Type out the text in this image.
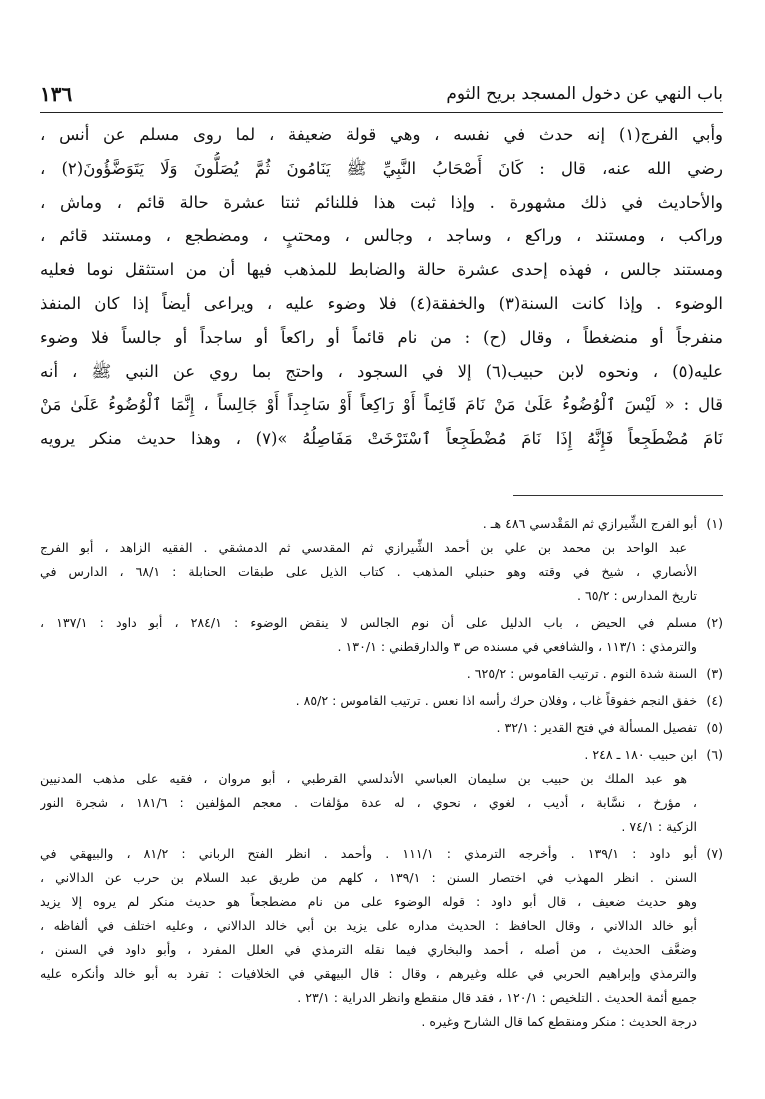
باب النهي عن دخول المسجد بريح الثوم
١٣٦
وأبي الفرج(١) إنه حدث في نفسه ، وهي قولة ضعيفة ، لما روى مسلم عن أنس ،
رضي الله عنه، قال : كَانَ أَصْحَابُ النَّبِيِّ ﷺ يَنَامُونَ ثُمَّ يُصَلُّونَ وَلَا يَتَوَضَّؤُونَ(٢) ،
والأحاديث في ذلك مشهورة . وإذا ثبت هذا فللنائم ثنتا عشرة حالة قائم ، وماش ،
وراكب ، ومستند ، وراكع ، وساجد ، وجالس ، ومحتبٍ ، ومضطجع ، ومستند قائم ،
ومستند جالس ، فهذه إحدى عشرة حالة والضابط للمذهب فيها أن من استثقل نوما فعليه
الوضوء . وإذا كانت السنة(٣) والخفقة(٤) فلا وضوء عليه ، ويراعى أيضاً إذا كان المنفذ
منفرجاً أو منضغطاً ، وقال (ح) : من نام قائماً أو راكعاً أو ساجداً أو جالساً فلا وضوء
عليه(٥) ، ونحوه لابن حبيب(٦) إلا في السجود ، واحتج بما روي عن النبي ﷺ ، أنه
قال : « لَيْسَ ٱلْوُضُوءُ عَلَىٰ مَنْ نَامَ قَائِماً أَوْ رَاكِعاً أَوْ سَاجِداً أَوْ جَالِساً ، إِنَّمَا ٱلْوُضُوءُ عَلَىٰ مَنْ
نَامَ مُضْطَجِعاً فَإِنَّهُ إِذَا نَامَ مُضْطَجِعاً ٱسْتَرْخَتْ مَفَاصِلُهُ »(٧) ، وهذا حديث منكر يرويه
(١)
أبو الفرج الشِّيرازي ثم المَقْدسي ٤٨٦ هـ .
عبد الواحد بن محمد بن علي بن أحمد الشِّيرازي ثم المقدسي ثم الدمشقي . الفقيه الزاهد ، أبو الفرج
الأنصاري ، شيخ في وقته وهو حنبلي المذهب . كتاب الذيل على طبقات الحنابلة : ٦٨/١ ، الدارس في
تاريخ المدارس : ٦٥/٢ .
(٢)
مسلم في الحيض ، باب الدليل على أن نوم الجالس لا ينقض الوضوء : ٢٨٤/١ ، أبو داود : ١٣٧/١ ،
والترمذي : ١١٣/١ ، والشافعي في مسنده ص ٣ والدارقطني : ١٣٠/١ .
(٣)
السنة شدة النوم . ترتيب القاموس : ٦٢٥/٢ .
(٤)
خفق النجم خفوقاً غاب ، وفلان حرك رأسه اذا نعس . ترتيب القاموس : ٨٥/٢ .
(٥)
تفصيل المسألة في فتح القدير : ٣٢/١ .
(٦)
ابن حبيب ١٨٠ ـ ٢٤٨ .
هو عبد الملك بن حبيب بن سليمان العباسي الأندلسي القرطبي ، أبو مروان ، فقيه على مذهب المدنيين
، مؤرخ ، نسَّابة ، أديب ، لغوي ، نحوي ، له عدة مؤلفات . معجم المؤلفين : ١٨١/٦ ، شجرة النور
الزكية : ٧٤/١ .
(٧)
أبو داود : ١٣٩/١ . وأخرجه الترمذي : ١١١/١ . وأحمد . انظر الفتح الرباني : ٨١/٢ ، والبيهقي في
السنن . انظر المهذب في اختصار السنن : ١٣٩/١ ، كلهم من طريق عبد السلام بن حرب عن الدالاني ،
وهو حديث ضعيف ، قال أبو داود : قوله الوضوء على من نام مضطجعاً هو حديث منكر لم يروه إلا يزيد
أبو خالد الدالاني ، وقال الحافظ : الحديث مداره على يزيد بن أبي خالد الدالاني ، وعليه اختلف في ألفاظه ،
وضعَّف الحديث ، من أصله ، أحمد والبخاري فيما نقله الترمذي في العلل المفرد ، وأبو داود في السنن ،
والترمذي وإبراهيم الحربي في علله وغيرهم ، وقال : قال البيهقي في الخلافيات : تفرد به أبو خالد وأنكره عليه
جميع أئمة الحديث . التلخيص : ١٢٠/١ ، فقد قال منقطع وانظر الدراية : ٢٣/١ .
درجة الحديث : منكر ومنقطع كما قال الشارح وغيره .
